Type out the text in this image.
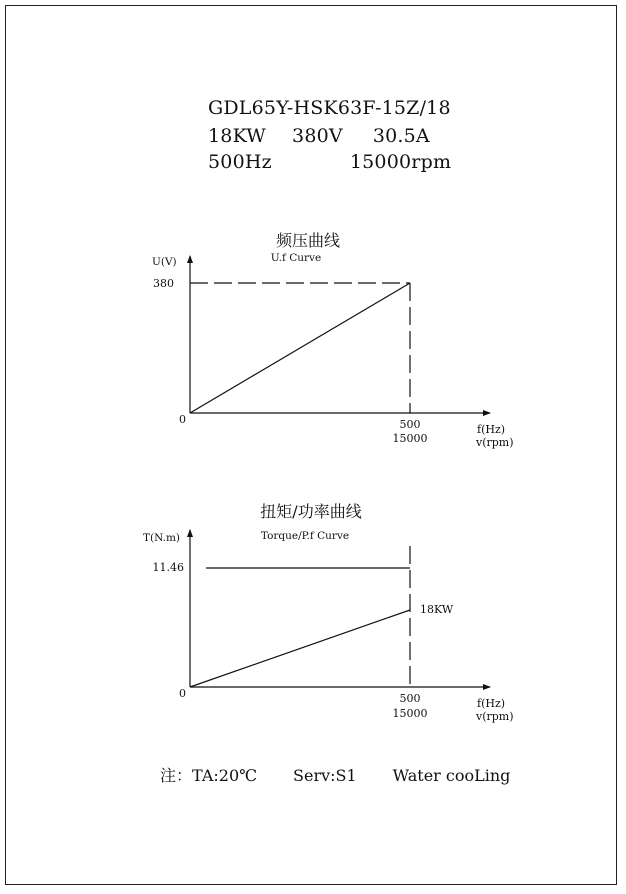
GDL65Y-HSK63F-15Z/18
18KW 380V 30.5A
500Hz	15000rpm
频压曲线
U.f Curve
U(V)
0
380
500
15000
f(Hz)
v(rpm)
扭矩/功率曲线
Torque/P.f Curve
T(N.m)
0
11.46
18KW
500
15000
f(Hz)
v(rpm)
注：TA:20℃ Serv:S1 Water cooLing
